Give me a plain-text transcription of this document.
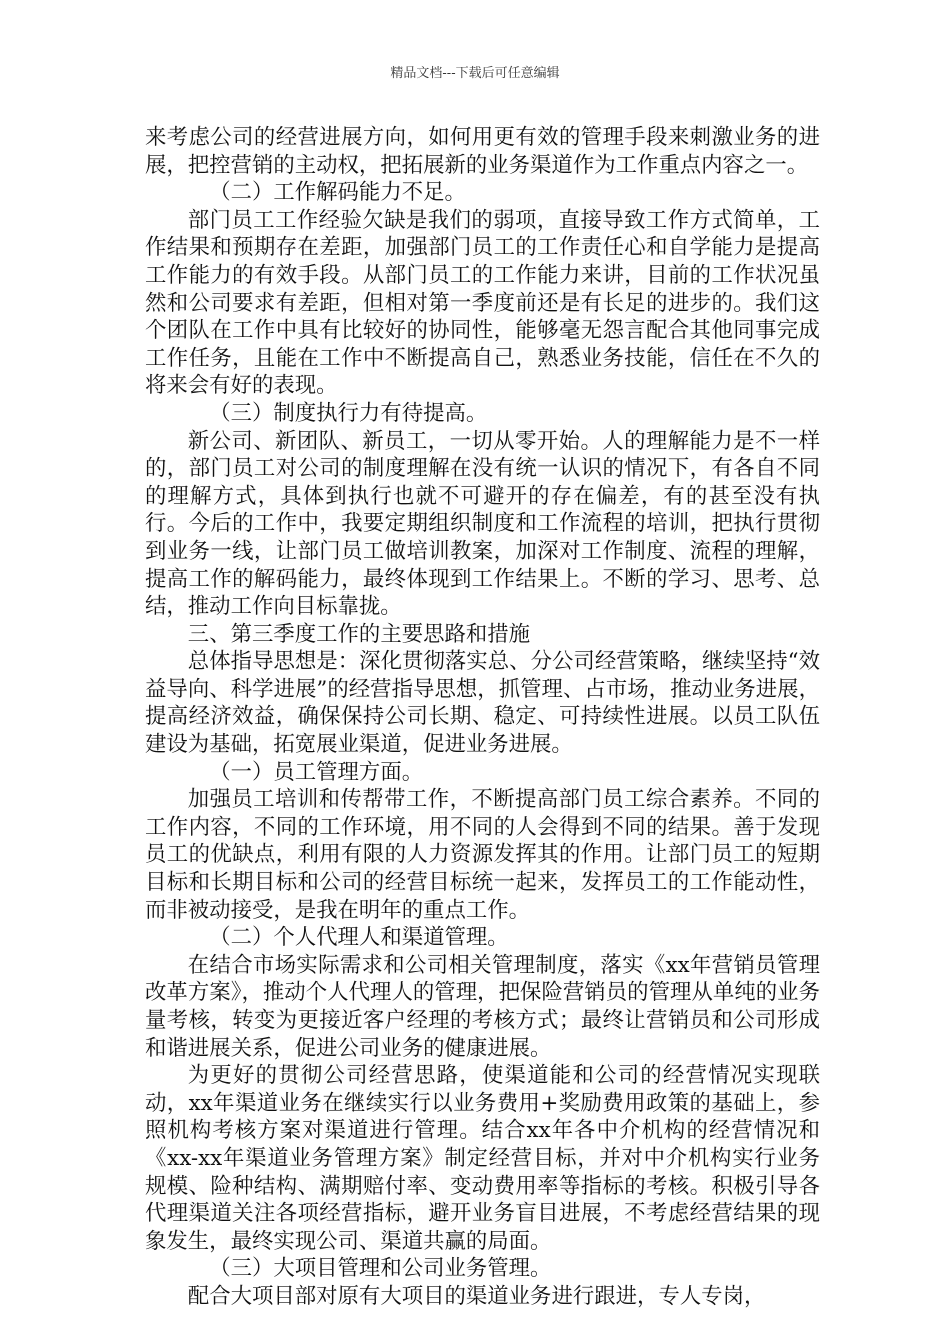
精品文档---下载后可任意编辑

来考虑公司的经营进展方向，如何用更有效的管理手段来刺激业务的进展，把控营销的主动权，把拓展新的业务渠道作为工作重点内容之一。

（二）工作解码能力不足。

部门员工工作经验欠缺是我们的弱项，直接导致工作方式简单，工作结果和预期存在差距，加强部门员工的工作责任心和自学能力是提高工作能力的有效手段。从部门员工的工作能力来讲，目前的工作状况虽然和公司要求有差距，但相对第一季度前还是有长足的进步的。我们这个团队在工作中具有比较好的协同性，能够毫无怨言配合其他同事完成工作任务，且能在工作中不断提高自己，熟悉业务技能，信任在不久的将来会有好的表现。

（三）制度执行力有待提高。

新公司、新团队、新员工，一切从零开始。人的理解能力是不一样的，部门员工对公司的制度理解在没有统一认识的情况下，有各自不同的理解方式，具体到执行也就不可避开的存在偏差，有的甚至没有执行。今后的工作中，我要定期组织制度和工作流程的培训，把执行贯彻到业务一线，让部门员工做培训教案，加深对工作制度、流程的理解，提高工作的解码能力，最终体现到工作结果上。不断的学习、思考、总结，推动工作向目标靠拢。

三、第三季度工作的主要思路和措施

总体指导思想是：深化贯彻落实总、分公司经营策略，继续坚持“效益导向、科学进展”的经营指导思想，抓管理、占市场，推动业务进展，提高经济效益，确保保持公司长期、稳定、可持续性进展。以员工队伍建设为基础，拓宽展业渠道，促进业务进展。

（一）员工管理方面。

加强员工培训和传帮带工作，不断提高部门员工综合素养。不同的工作内容，不同的工作环境，用不同的人会得到不同的结果。善于发现员工的优缺点，利用有限的人力资源发挥其的作用。让部门员工的短期目标和长期目标和公司的经营目标统一起来，发挥员工的工作能动性，而非被动接受，是我在明年的重点工作。

（二）个人代理人和渠道管理。

在结合市场实际需求和公司相关管理制度，落实《xx年营销员管理改革方案》，推动个人代理人的管理，把保险营销员的管理从单纯的业务量考核，转变为更接近客户经理的考核方式；最终让营销员和公司形成和谐进展关系，促进公司业务的健康进展。

为更好的贯彻公司经营思路，使渠道能和公司的经营情况实现联动，xx年渠道业务在继续实行以业务费用+奖励费用政策的基础上，参照机构考核方案对渠道进行管理。结合xx年各中介机构的经营情况和《xx-xx年渠道业务管理方案》制定经营目标，并对中介机构实行业务规模、险种结构、满期赔付率、变动费用率等指标的考核。积极引导各代理渠道关注各项经营指标，避开业务盲目进展，不考虑经营结果的现象发生，最终实现公司、渠道共赢的局面。

（三）大项目管理和公司业务管理。

配合大项目部对原有大项目的渠道业务进行跟进，专人专岗，
